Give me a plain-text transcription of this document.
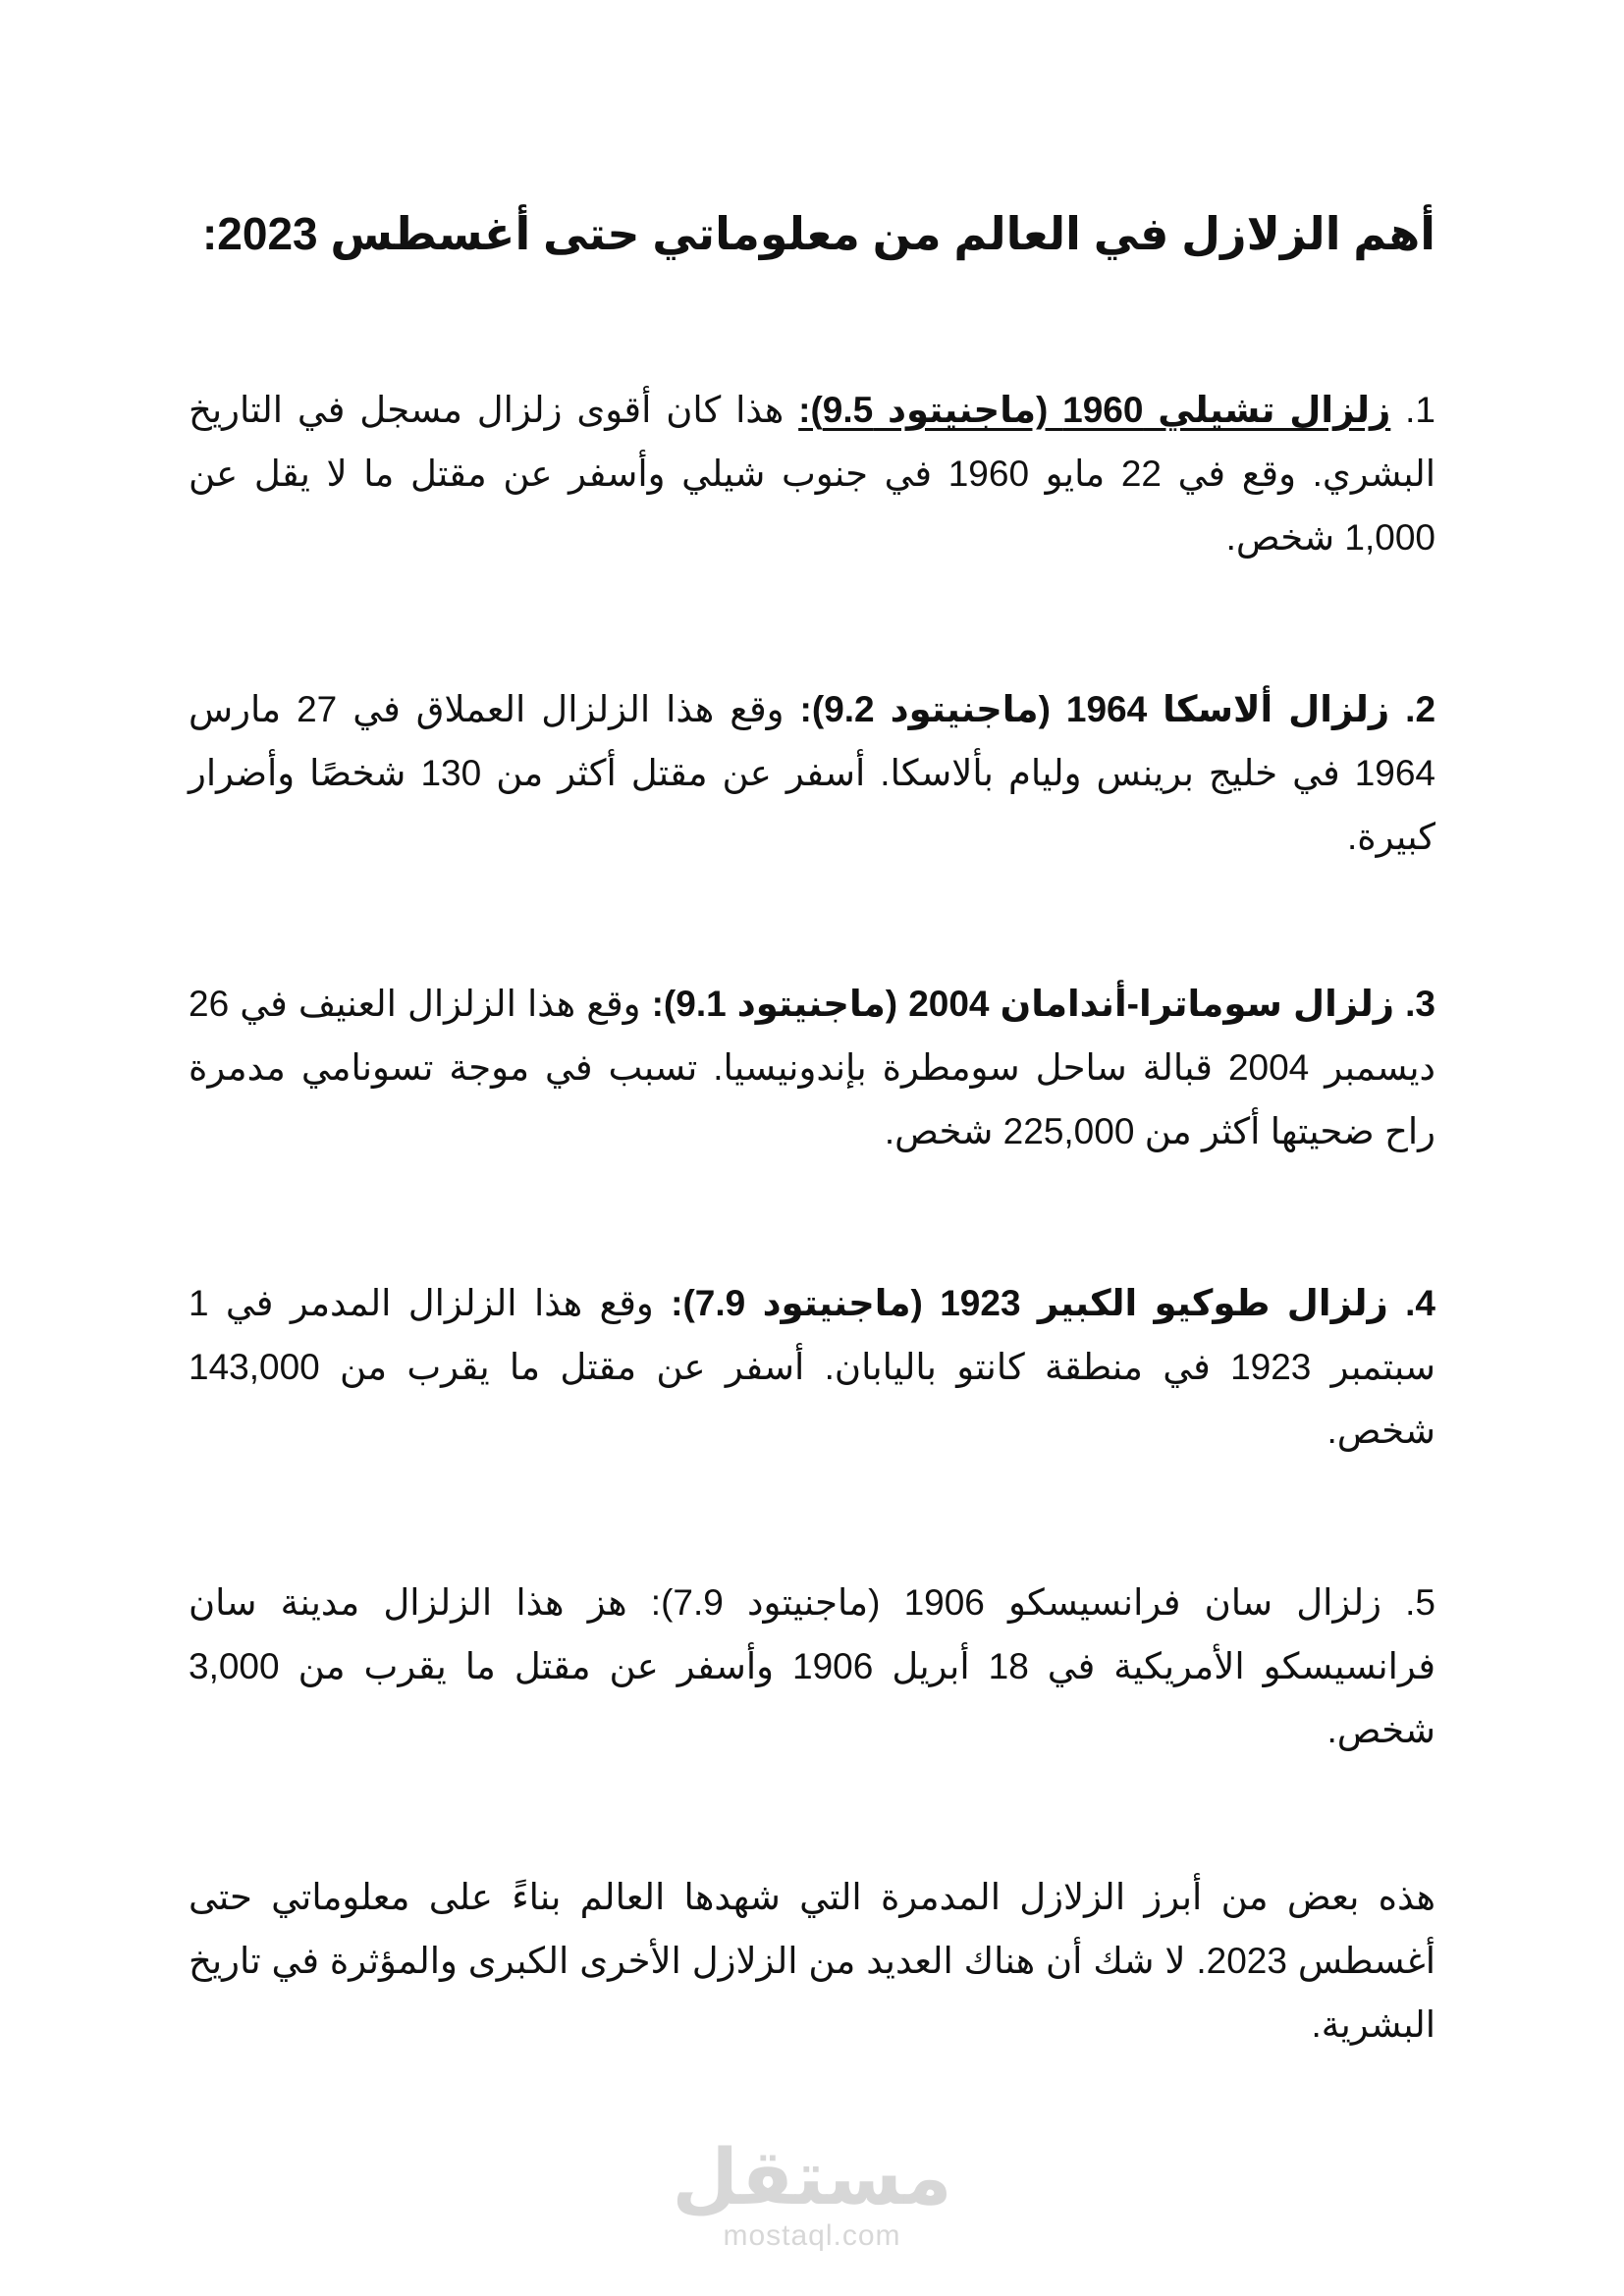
أهم الزلازل في العالم من معلوماتي حتى أغسطس 2023:

1. زلزال تشيلي 1960 (ماجنيتود 9.5): هذا كان أقوى زلزال مسجل في التاريخ البشري. وقع في 22 مايو 1960 في جنوب شيلي وأسفر عن مقتل ما لا يقل عن 1,000 شخص.

2. زلزال ألاسكا 1964 (ماجنيتود 9.2): وقع هذا الزلزال العملاق في 27 مارس 1964 في خليج برينس وليام بألاسكا. أسفر عن مقتل أكثر من 130 شخصًا وأضرار كبيرة.

3. زلزال سوماترا-أندامان 2004 (ماجنيتود 9.1): وقع هذا الزلزال العنيف في 26 ديسمبر 2004 قبالة ساحل سومطرة بإندونيسيا. تسبب في موجة تسونامي مدمرة راح ضحيتها أكثر من 225,000 شخص.

4. زلزال طوكيو الكبير 1923 (ماجنيتود 7.9): وقع هذا الزلزال المدمر في 1 سبتمبر 1923 في منطقة كانتو باليابان. أسفر عن مقتل ما يقرب من 143,000 شخص.

5. زلزال سان فرانسيسكو 1906 (ماجنيتود 7.9): هز هذا الزلزال مدينة سان فرانسيسكو الأمريكية في 18 أبريل 1906 وأسفر عن مقتل ما يقرب من 3,000 شخص.

هذه بعض من أبرز الزلازل المدمرة التي شهدها العالم بناءً على معلوماتي حتى أغسطس 2023. لا شك أن هناك العديد من الزلازل الأخرى الكبرى والمؤثرة في تاريخ البشرية.

مستقل
mostaql.com
